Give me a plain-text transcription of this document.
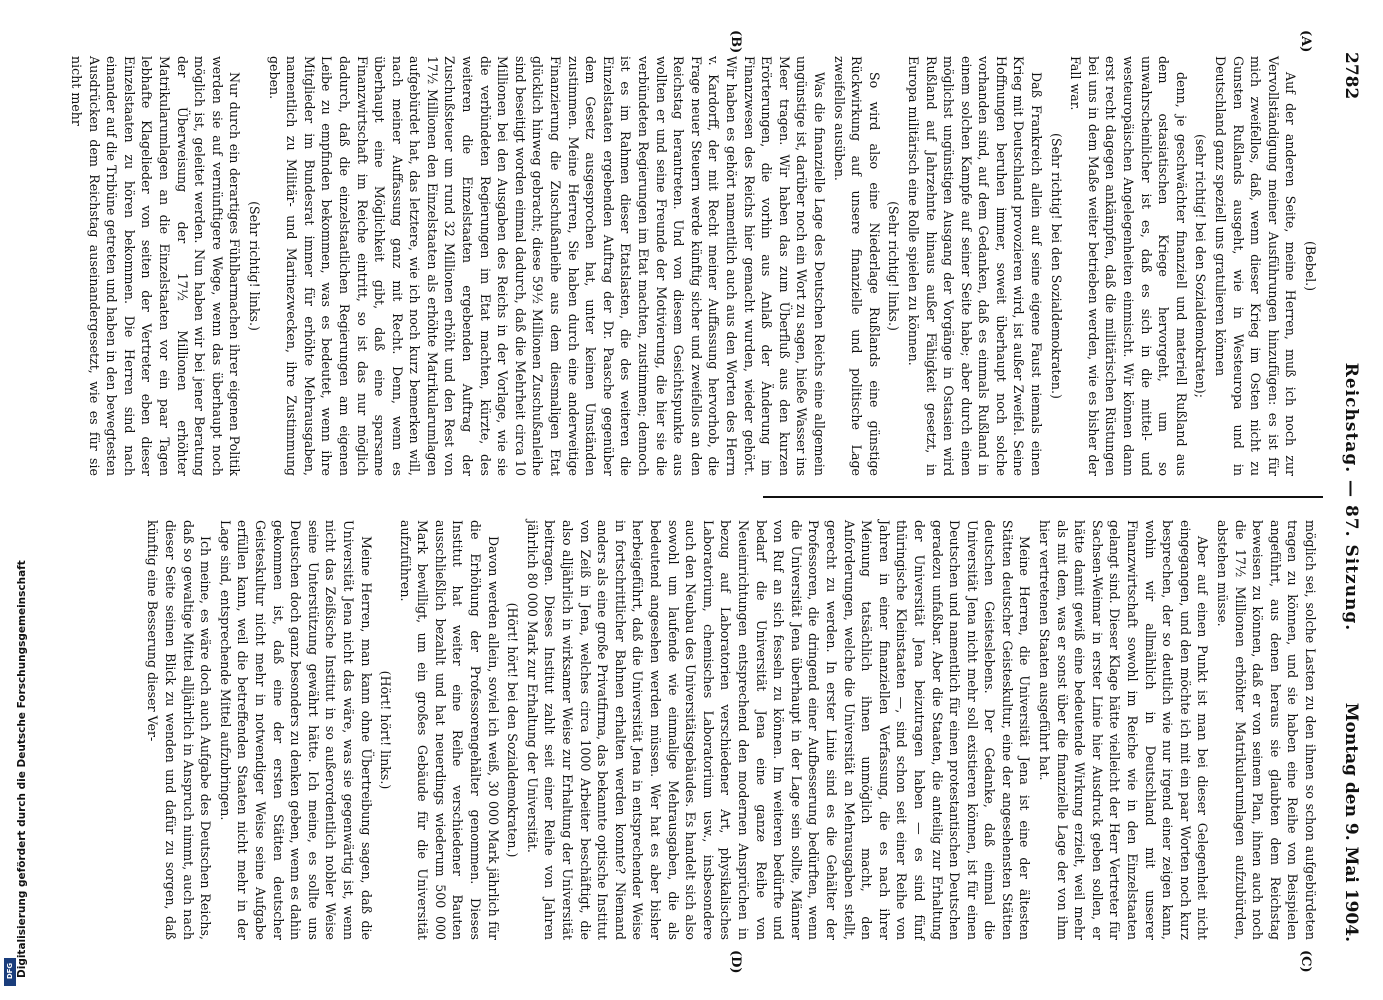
2782
Reichstag. — 87. Sitzung.
Montag den 9. Mai 1904.
(A)
(B)
(C)
(D)

(Bebel.)

Auf der anderen Seite, meine Herren, muß ich noch zur Vervollständigung meiner Ausführungen hinzufügen: es ist für mich zweifellos, daß, wenn dieser Krieg im Osten nicht zu Gunsten Rußlands ausgeht, wie in Westeuropa und in Deutschland ganz speziell uns gratulieren können

(sehr richtig! bei den Sozialdemokraten);

denn, je geschwächter finanziell und materiell Rußland aus dem ostasiatischen Kriege hervorgeht, um so unwahrscheinlicher ist es, daß es sich in die mittel- und westeuropäischen Angelegenheiten einmischt. Wir können dann erst recht dagegen ankämpfen, daß die militärischen Rüstungen bei uns in dem Maße weiter betrieben werden, wie es bisher der Fall war.

(Sehr richtig! bei den Sozialdemokraten.)

Daß Frankreich allein auf seine eigene Faust niemals einen Krieg mit Deutschland provozieren wird, ist außer Zweifel. Seine Hoffnungen beruhen immer, soweit überhaupt noch solche vorhanden sind, auf dem Gedanken, daß es einmals Rußland in einem solchen Kampfe auf seiner Seite habe; aber durch einen möglichst ungünstigen Ausgang der Vorgänge in Ostasien wird Rußland auf Jahrzehnte hinaus außer Fähigkeit gesetzt, in Europa militärisch eine Rolle spielen zu können.

(Sehr richtig! links.)

So wird also eine Niederlage Rußlands eine günstige Rückwirkung auf unsere finanzielle und politische Lage zweifellos ausüben.

Was die finanzielle Lage des Deutschen Reichs eine allgemein ungünstige ist, darüber noch ein Wort zu sagen, hieße Wasser ins Meer tragen. Wir haben das zum Überfluß aus den kurzen Erörterungen, die vorhin aus Anlaß der Änderung im Finanzwesen des Reichs hier gemacht wurden, wieder gehört. Wir haben es gehört namentlich auch aus den Worten des Herrn v. Kardorff, der mit Recht meiner Auffassung hervorhob, die Frage neuer Steuern werde künftig sicher und zweifellos an den Reichstag herantreten. Und von diesem Gesichtspunkte aus wollten er und seine Freunde der Motivierung, die hier sie die verbündeten Regierungen im Etat machten, zustimmen; dennoch ist es im Rahmen dieser Etatslasten, die des weiteren die Einzelstaaten ergebenden Auftrag der Dr. Paasche gegenüber dem Gesetz ausgesprochen hat, unter keinen Umständen zustimmen. Meine Herren, Sie haben durch eine anderweitige Finanzierung die Zuschußanleihe aus dem diesmaligen Etat glücklich hinweg gebracht; diese 59½ Millionen Zuschußanleihe sind beseitigt worden einmal dadurch, daß die Mehrheit circa 10 Millionen bei den Ausgaben des Reichs in der Vorlage, wie sie die verbündeten Regierungen im Etat machten, kürzte, des weiteren die Einzelstaaten ergebenden Auftrag der Zuschußsteuer um rund 32 Millionen erhöht und den Rest von 17½ Millionen den Einzelstaaten als erhöhte Matrikularumlagen aufgebürdet hat, das letztere, wie ich noch kurz bemerken will, nach meiner Auffassung ganz mit Recht. Denn, wenn es überhaupt eine Möglichkeit gibt, daß eine sparsame Finanzwirtschaft im Reiche eintritt, so ist das nur möglich dadurch, daß die einzelstaatlichen Regierungen am eigenen Leibe zu empfinden bekommen, was es bedeutet, wenn ihre Mitglieder im Bundesrat immer für erhöhte Mehrausgaben, namentlich zu Militär- und Marinezwecken, ihre Zustimmung geben.

(Sehr richtig! links.)

Nur durch ein derartiges Fühlbarmachen ihrer eigenen Politik werden sie auf vernünftigere Wege, wenn das überhaupt noch möglich ist, geleitet werden. Nun haben wir bei jener Beratung der Überweisung der 17½ Millionen erhöhter Matrikularumlagen an die Einzelstaaten vor ein paar Tagen lebhafte Klagelieder von seiten der Vertreter eben dieser Einzelstaaten zu hören bekommen. Die Herren sind nach einander auf die Tribüne getreten und haben in den bewegtesten Ausdrücken dem Reichstag auseinandergesetzt, wie es für sie nicht mehr

möglich sei, solche Lasten zu den ihnen so schon aufgebürdeten tragen zu können, und sie haben eine Reihe von Beispielen angeführt, aus denen heraus sie glaubten dem Reichstag beweisen zu können, daß er von seinem Plan, ihnen auch noch die 17½ Millionen erhöhter Matrikularumlagen aufzubürden, abstehen müsse.

Aber auf einen Punkt ist man bei dieser Gelegenheit nicht eingegangen, und den möchte ich mit ein paar Worten noch kurz besprechen, der so deutlich wie nur irgend einer zeigen kann, wohin wir allmählich in Deutschland mit unserer Finanzwirtschaft sowohl im Reiche wie in den Einzelstaaten gelangt sind. Dieser Klage hätte vielleicht der Herr Vertreter für Sachsen-Weimar in erster Linie hier Ausdruck geben sollen, er hätte damit gewiß eine bedeutende Wirkung erzielt, weil mehr als mit dem, was er sonst über die finanzielle Lage der von ihm hier vertretenen Staaten ausgeführt hat.

Meine Herren, die Universität Jena ist eine der ältesten Stätten deutscher Geisteskultur, eine der angesehensten Stätten deutschen Geisteslebens. Der Gedanke, daß einmal die Universität Jena nicht mehr soll existieren können, ist für einen Deutschen und namentlich für einen protestantischen Deutschen geradezu unfaßbar. Aber die Staaten, die anteilig zur Erhaltung der Universität Jena beizutragen haben — es sind fünf thüringische Kleinstaaten —, sind schon seit einer Reihe von Jahren in einer finanziellen Verfassung, die es nach ihrer Meinung tatsächlich ihnen unmöglich macht, den Anforderungen, welche die Universität an Mehrausgaben stellt, gerecht zu werden. In erster Linie sind es die Gehälter der Professoren, die dringend einer Aufbesserung bedürften, wenn die Universität Jena überhaupt in der Lage sein sollte, Männer von Ruf an sich fesseln zu können. Im weiteren bedürfte und bedarf die Universität Jena eine ganze Reihe von Neueinrichtungen entsprechend den modernen Ansprüchen in bezug auf Laboratorien verschiedener Art, physikalisches Laboratorium, chemisches Laboratorium usw., insbesondere auch den Neubau des Universitätsgebäudes. Es handelt sich also sowohl um laufende wie einmalige Mehrausgaben, die als bedeutend angesehen werden müssen. Wer hat es aber bisher herbeigeführt, daß die Universität Jena in entsprechender Weise in fortschrittlicher Bahnen erhalten werden konnte? Niemand anders als eine große Privatfirma, das bekannte optische Institut von Zeiß in Jena, welches circa 1000 Arbeiter beschäftigt, die also alljährlich in wirksamer Weise zur Erhaltung der Universität beitragen. Dieses Institut zahlt seit einer Reihe von Jahren jährlich 80 000 Mark zur Erhaltung der Universität.

(Hört! hört! bei den Sozialdemokraten.)

Davon werden allein, soviel ich weiß, 30 000 Mark jährlich für die Erhöhung der Professorengehälter genommen. Dieses Institut hat weiter eine Reihe verschiedener Bauten ausschließlich bezahlt und hat neuerdings wiederum 500 000 Mark bewilligt, um ein großes Gebäude für die Universität aufzuführen.

(Hört! hört! links.)

Meine Herren, man kann ohne Übertreibung sagen, daß die Universität Jena nicht das wäre, was sie gegenwärtig ist, wenn nicht das Zeißische Institut in so außerordentlich nobler Weise seine Unterstützung gewährt hätte. Ich meine, es sollte uns Deutschen doch ganz besonders zu denken geben, wenn es dahin gekommen ist, daß eine der ersten Stätten deutscher Geisteskultur nicht mehr in notwendiger Weise seine Aufgabe erfüllen kann, weil die betreffenden Staaten nicht mehr in der Lage sind, entsprechende Mittel aufzubringen.

Ich meine, es wäre doch auch Aufgabe des Deutschen Reichs, daß so gewaltige Mittel alljährlich in Anspruch nimmt, auch nach dieser Seite seinen Blick zu wenden und dafür zu sorgen, daß künftig eine Besserung dieser Ver-

Digitalisierung gefördert durch die Deutsche Forschungsgemeinschaft
DFG
